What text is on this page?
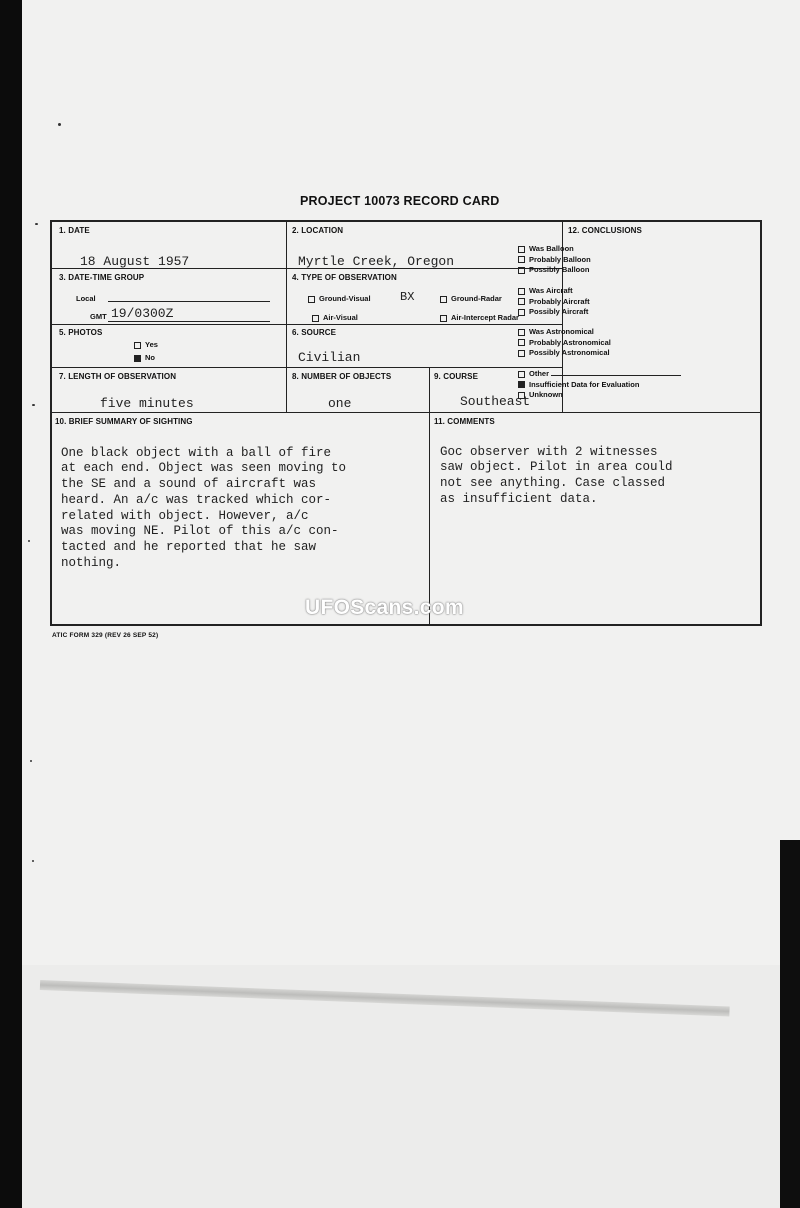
PROJECT 10073 RECORD CARD
1. DATE
18 August 1957
2. LOCATION
Myrtle Creek, Oregon
3. DATE-TIME GROUP
Local
GMT 19/0300Z
4. TYPE OF OBSERVATION
Ground-Visual BX	Ground-Radar
Air-Visual	Air-Intercept Radar
5. PHOTOS
Yes
No
6. SOURCE
Civilian
7. LENGTH OF OBSERVATION
five minutes
8. NUMBER OF OBJECTS
one
9. COURSE
Southeast
12. CONCLUSIONS
10. BRIEF SUMMARY OF SIGHTING

One black object with a ball of fire
at each end. Object was seen moving to
the SE and a sound of aircraft was
heard. An a/c was tracked which cor-
related with object. However, a/c
was moving NE. Pilot of this a/c con-
tacted and he reported that he saw
nothing.
11. COMMENTS

Goc observer with 2 witnesses
saw object. Pilot in area could
not see anything. Case classed
as insufficient data.
Was Balloon
Probably Balloon
Possibly Balloon
Was Aircraft
Probably Aircraft
Possibly Aircraft
Was Astronomical
Probably Astronomical
Possibly Astronomical
Other
Insufficient Data for Evaluation
Unknown
ATIC FORM 329 (REV 26 SEP 52)
UFOScans.com
